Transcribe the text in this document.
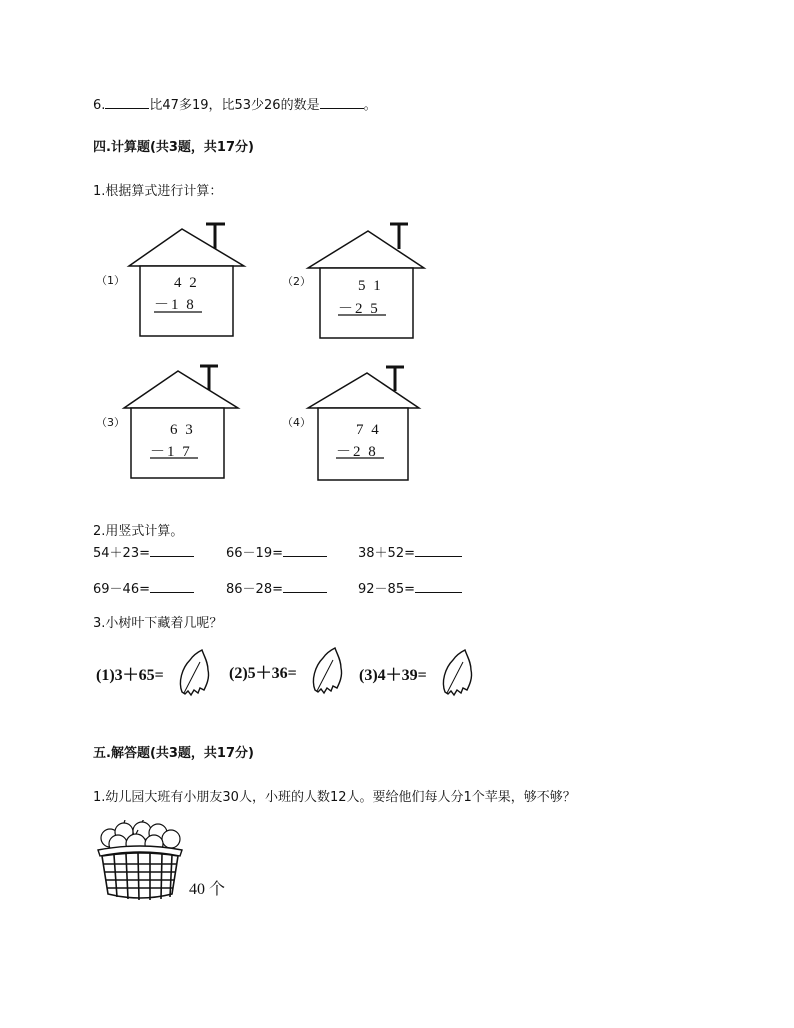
6.	比47多19，比53少26的数是	。
四.计算题(共3题，共17分)
1.根据算式进行计算：
（1）	4 2
－1 8
（2）	5 1
－2 5
（3）	6 3
－1 7
（4）	7 4
－2 8
2.用竖式计算。
54＋23=	66－19=	38＋52=
69－46=	86－28=	92－85=
3.小树叶下藏着几呢？
(1)3＋65=	(2)5＋36=	(3)4＋39=
五.解答题(共3题，共17分)
1.幼儿园大班有小朋友30人，小班的人数12人。要给他们每人分1个苹果，够不够？
40 个
